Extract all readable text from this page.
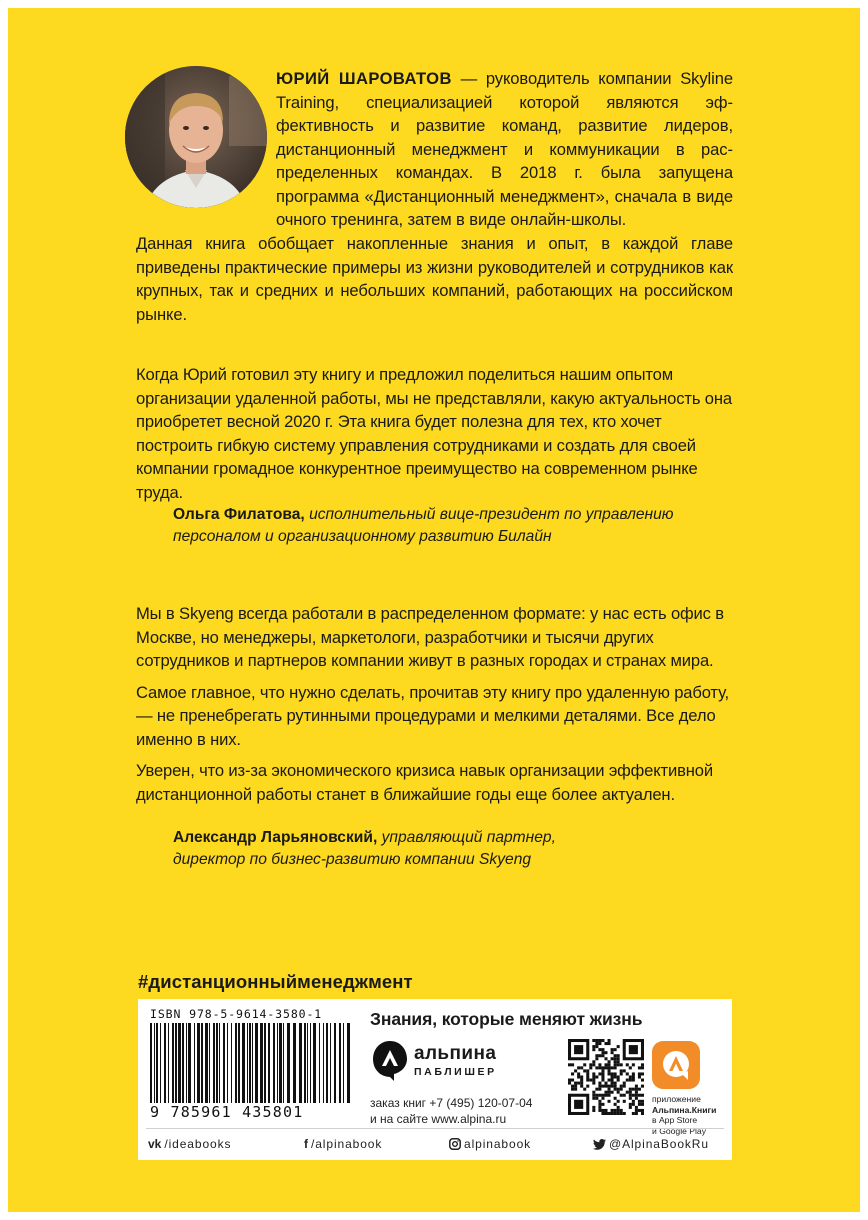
ЮРИЙ ШАРОВАТОВ — руководитель компании Skyline Training, специализацией которой являются эффективность и развитие команд, развитие лидеров, дистанционный менеджмент и коммуникации в распределенных командах. В 2018 г. была запущена программа «Дистанционный менеджмент», сначала в виде очного тренинга, затем в виде онлайн-школы.
Данная книга обобщает накопленные знания и опыт, в каждой главе приведены практические примеры из жизни руководителей и сотрудников как крупных, так и средних и небольших компаний, работающих на российском рынке.

Когда Юрий готовил эту книгу и предложил поделиться нашим опытом организации удаленной работы, мы не представляли, какую актуальность она приобретет весной 2020 г. Эта книга будет полезна для тех, кто хочет построить гибкую систему управления сотрудниками и создать для своей компании громадное конкурентное преимущество на современном рынке труда.

Ольга Филатова, исполнительный вице-президент по управлению персоналом и организационному развитию Билайн

Мы в Skyeng всегда работали в распределенном формате: у нас есть офис в Москве, но менеджеры, маркетологи, разработчики и тысячи других сотрудников и партнеров компании живут в разных городах и странах мира.

Самое главное, что нужно сделать, прочитав эту книгу про удаленную работу, — не пренебрегать рутинными процедурами и мелкими деталями. Все дело именно в них.

Уверен, что из-за экономического кризиса навык организации эффективной дистанционной работы станет в ближайшие годы еще более актуален.

Александр Ларьяновский, управляющий партнер,
директор по бизнес-развитию компании Skyeng
#дистанционныйменеджмент
ISBN 978-5-9614-3580-1
9 785961 435801
Знания, которые меняют жизнь
альпина
ПАБЛИШЕР
заказ книг +7 (495) 120-07-04
и на сайте www.alpina.ru
приложение
Альпина.Книги
в App Store
и Google Play
vk /ideabooks	f /alpinabook	alpinabook	@AlpinaBookRu
